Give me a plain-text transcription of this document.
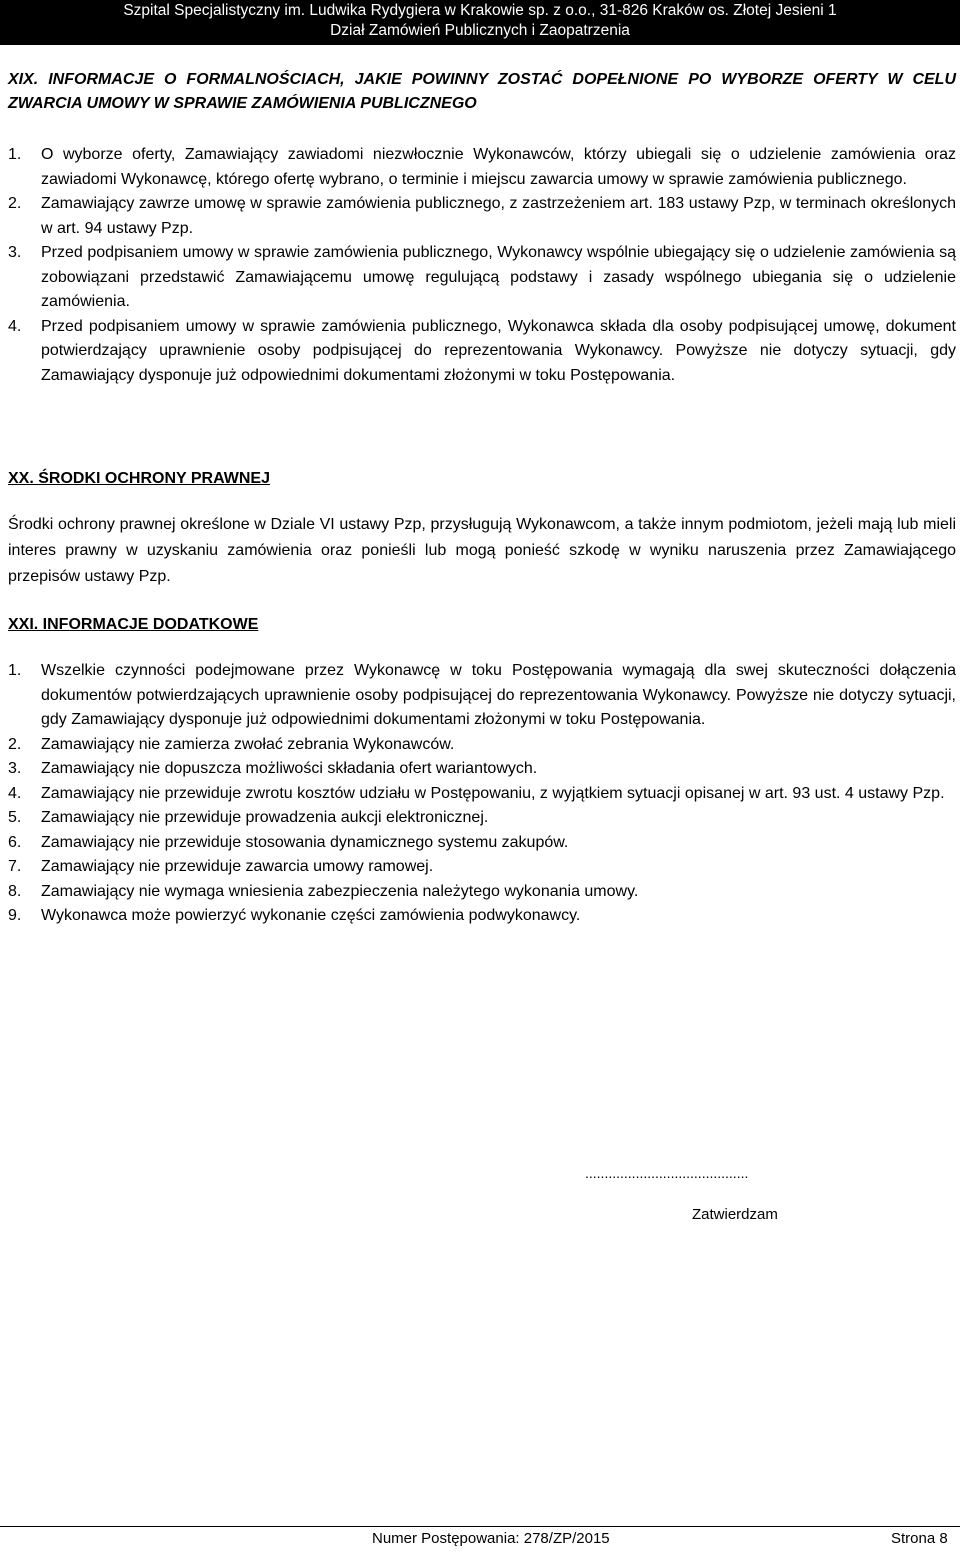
Szpital Specjalistyczny im. Ludwika Rydygiera w Krakowie sp. z o.o., 31-826 Kraków os. Złotej Jesieni 1
Dział Zamówień Publicznych i Zaopatrzenia
XIX. INFORMACJE O FORMALNOŚCIACH, JAKIE POWINNY ZOSTAĆ DOPEŁNIONE PO WYBORZE OFERTY W CELU ZWARCIA UMOWY W SPRAWIE ZAMÓWIENIA PUBLICZNEGO
1. O wyborze oferty, Zamawiający zawiadomi niezwłocznie Wykonawców, którzy ubiegali się o udzielenie zamówienia oraz zawiadomi Wykonawcę, którego ofertę wybrano, o terminie i miejscu zawarcia umowy w sprawie zamówienia publicznego.
2. Zamawiający zawrze umowę w sprawie zamówienia publicznego, z zastrzeżeniem art. 183 ustawy Pzp, w terminach określonych w art. 94 ustawy Pzp.
3. Przed podpisaniem umowy w sprawie zamówienia publicznego, Wykonawcy wspólnie ubiegający się o udzielenie zamówienia są zobowiązani przedstawić Zamawiającemu umowę regulującą podstawy i zasady wspólnego ubiegania się o udzielenie zamówienia.
4. Przed podpisaniem umowy w sprawie zamówienia publicznego, Wykonawca składa dla osoby podpisującej umowę, dokument potwierdzający uprawnienie osoby podpisującej do reprezentowania Wykonawcy. Powyższe nie dotyczy sytuacji, gdy Zamawiający dysponuje już odpowiednimi dokumentami złożonymi w toku Postępowania.
XX. ŚRODKI OCHRONY PRAWNEJ

Środki ochrony prawnej określone w Dziale VI ustawy Pzp, przysługują Wykonawcom, a także innym podmiotom, jeżeli mają lub mieli interes prawny w uzyskaniu zamówienia oraz ponieśli lub mogą ponieść szkodę w wyniku naruszenia przez Zamawiającego przepisów ustawy Pzp.

XXI. INFORMACJE DODATKOWE
1. Wszelkie czynności podejmowane przez Wykonawcę w toku Postępowania wymagają dla swej skuteczności dołączenia dokumentów potwierdzających uprawnienie osoby podpisującej do reprezentowania Wykonawcy. Powyższe nie dotyczy sytuacji, gdy Zamawiający dysponuje już odpowiednimi dokumentami złożonymi w toku Postępowania.
2. Zamawiający nie zamierza zwołać zebrania Wykonawców.
3. Zamawiający nie dopuszcza możliwości składania ofert wariantowych.
4. Zamawiający nie przewiduje zwrotu kosztów udziału w Postępowaniu, z wyjątkiem sytuacji opisanej w art. 93 ust. 4 ustawy Pzp.
5. Zamawiający nie przewiduje prowadzenia aukcji elektronicznej.
6. Zamawiający nie przewiduje stosowania dynamicznego systemu zakupów.
7. Zamawiający nie przewiduje zawarcia umowy ramowej.
8. Zamawiający nie wymaga wniesienia zabezpieczenia należytego wykonania umowy.
9. Wykonawca może powierzyć wykonanie części zamówienia podwykonawcy.
..........................................
Zatwierdzam
Numer Postępowania: 278/ZP/2015	Strona 8
